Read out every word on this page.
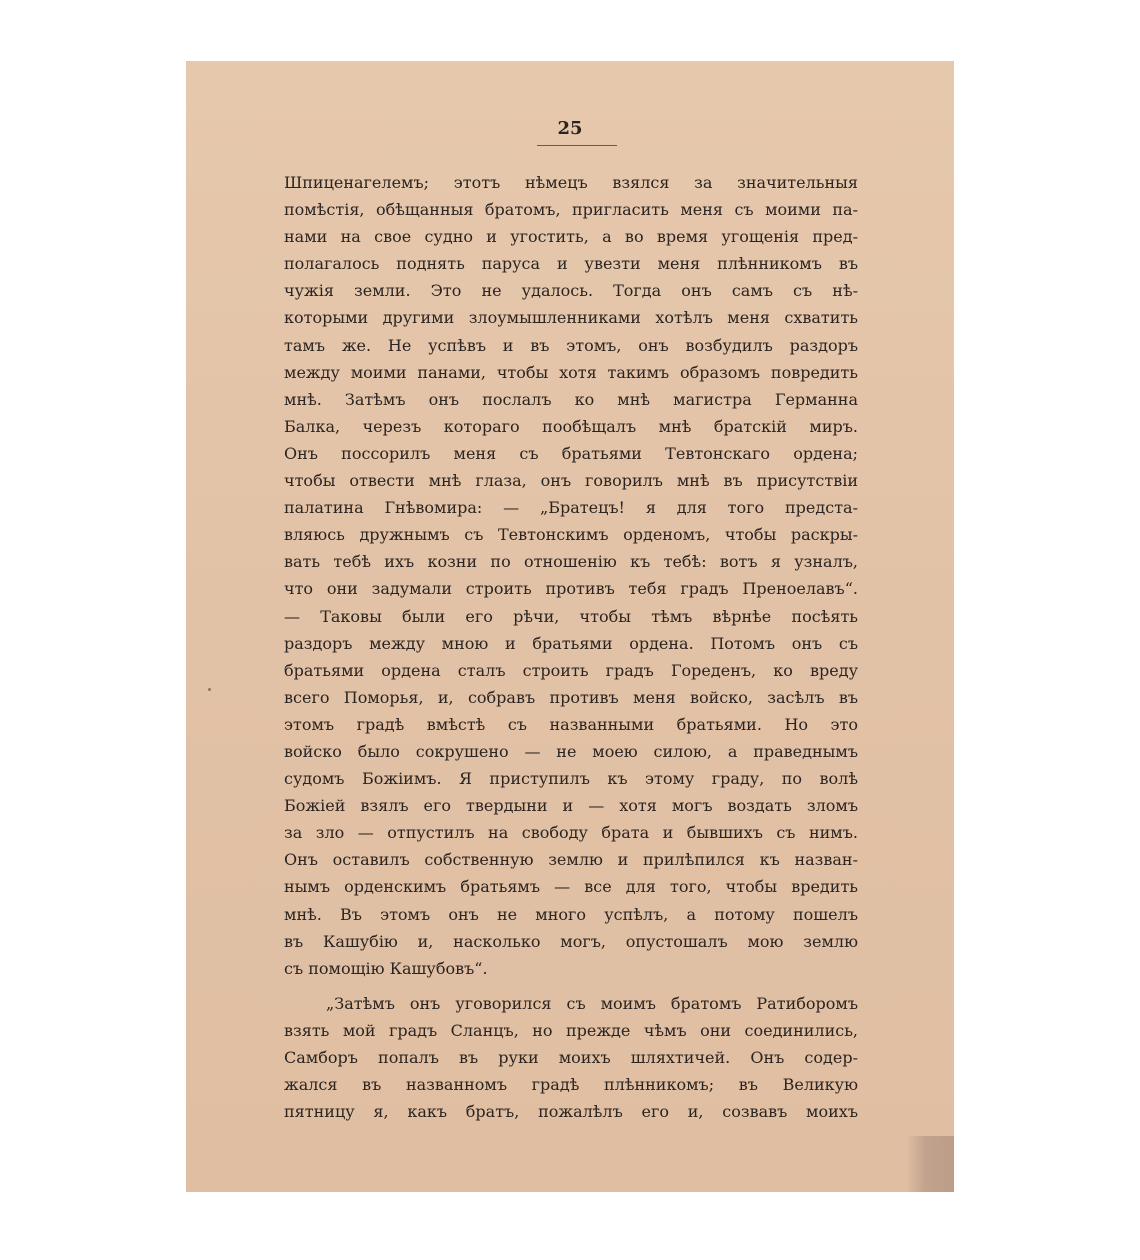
25
Шпиценагелемъ; этотъ нѣмецъ взялся за значительныя
помѣстія, обѣщанныя братомъ, пригласить меня съ моими па-
нами на свое судно и угостить, а во время угощенія пред-
полагалось поднять паруса и увезти меня плѣнникомъ въ
чужія земли. Это не удалось. Тогда онъ самъ съ нѣ-
которыми другими злоумышленниками хотѣлъ меня схватить
тамъ же. Не успѣвъ и въ этомъ, онъ возбудилъ раздоръ
между моими панами, чтобы хотя такимъ образомъ повредить
мнѣ. Затѣмъ онъ послалъ ко мнѣ магистра Германна
Балка, черезъ котораго пообѣщалъ мнѣ братскій миръ.
Онъ поссорилъ меня съ братьями Тевтонскаго ордена;
чтобы отвести мнѣ глаза, онъ говорилъ мнѣ въ присутствіи
палатина Гнѣвомира: — „Братецъ! я для того предста-
вляюсь дружнымъ съ Тевтонскимъ орденомъ, чтобы раскры-
вать тебѣ ихъ козни по отношенію къ тебѣ: вотъ я узналъ,
что они задумали строить противъ тебя градъ Преноелавъ“.
— Таковы были его рѣчи, чтобы тѣмъ вѣрнѣе посѣять
раздоръ между мною и братьями ордена. Потомъ онъ съ
братьями ордена сталъ строить градъ Гореденъ, ко вреду
всего Поморья, и, собравъ противъ меня войско, засѣлъ въ
этомъ градѣ вмѣстѣ съ названными братьями. Но это
войско было сокрушено — не моею силою, а праведнымъ
судомъ Божіимъ. Я приступилъ къ этому граду, по волѣ
Божіей взялъ его твердыни и — хотя могъ воздать зломъ
за зло — отпустилъ на свободу брата и бывшихъ съ нимъ.
Онъ оставилъ собственную землю и прилѣпился къ назван-
нымъ орденскимъ братьямъ — все для того, чтобы вредить
мнѣ. Въ этомъ онъ не много успѣлъ, а потому пошелъ
въ Кашубію и, насколько могъ, опустошалъ мою землю
съ помощію Кашубовъ“.
„Затѣмъ онъ уговорился съ моимъ братомъ Ратиборомъ
взять мой градъ Сланцъ, но прежде чѣмъ они соединились,
Самборъ попалъ въ руки моихъ шляхтичей. Онъ содер-
жался въ названномъ градѣ плѣнникомъ; въ Великую
пятницу я, какъ братъ, пожалѣлъ его и, созвавъ моихъ
